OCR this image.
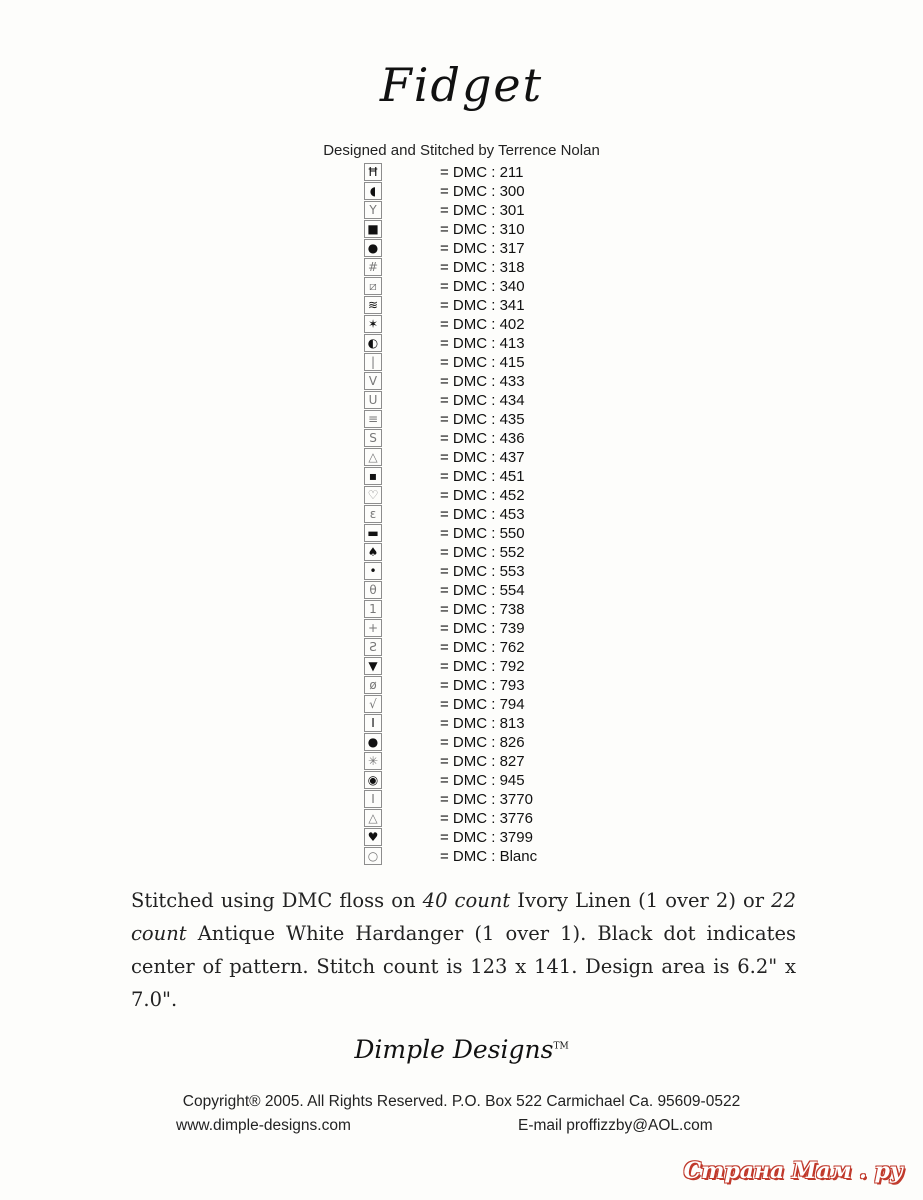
Fidget
Designed and Stitched by Terrence Nolan
Ħ	= DMC : 211
◖	= DMC : 300
Y	= DMC : 301
■	= DMC : 310
●	= DMC : 317
#	= DMC : 318
⧄	= DMC : 340
≋	= DMC : 341
✶	= DMC : 402
◐	= DMC : 413
|	= DMC : 415
V	= DMC : 433
U	= DMC : 434
≡	= DMC : 435
S	= DMC : 436
△	= DMC : 437
▪	= DMC : 451
♡	= DMC : 452
ε	= DMC : 453
▬	= DMC : 550
♠	= DMC : 552
•	= DMC : 553
θ	= DMC : 554
1	= DMC : 738
+	= DMC : 739
Ƨ	= DMC : 762
▼	= DMC : 792
ø	= DMC : 793
√	= DMC : 794
Ⅰ	= DMC : 813
●	= DMC : 826
✳	= DMC : 827
◉	= DMC : 945
I	= DMC : 3770
△	= DMC : 3776
♥	= DMC : 3799
○	= DMC : Blanc
Stitched using DMC floss on 40 count Ivory Linen (1 over 2) or 22 count Antique White Hardanger (1 over 1). Black dot indicates center of pattern. Stitch count is 123 x 141. Design area is 6.2" x 7.0".
Dimple Designs™
Copyright® 2005. All Rights Reserved. P.O. Box 522 Carmichael Ca. 95609-0522
www.dimple-designs.com	E-mail proffizzby@AOL.com
Страна Мам . ру
